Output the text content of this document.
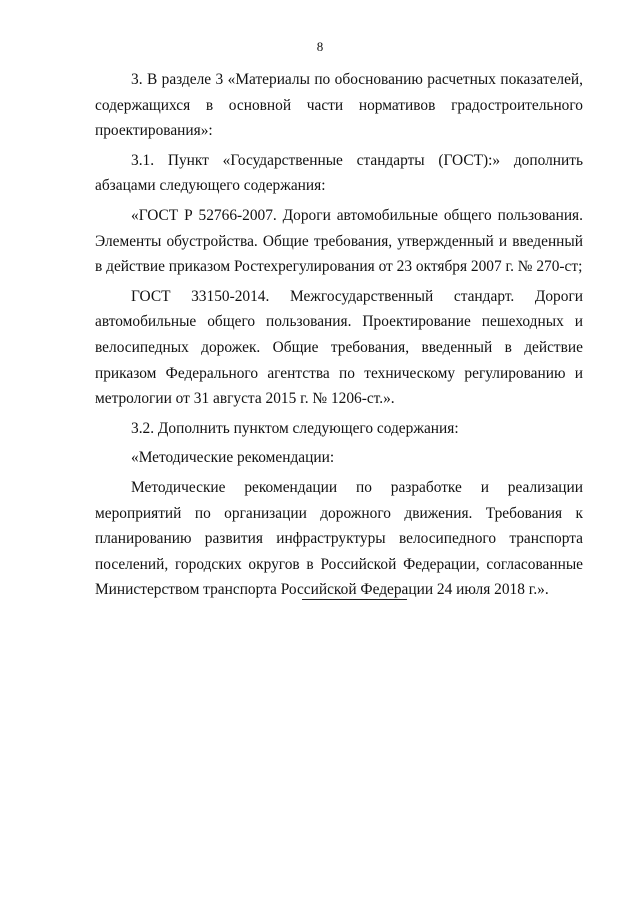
8

3. В разделе 3 «Материалы по обоснованию расчетных показателей, содержащихся в основной части нормативов градостроительного проектирования»:

3.1. Пункт «Государственные стандарты (ГОСТ):» дополнить абзацами следующего содержания:

«ГОСТ Р 52766-2007. Дороги автомобильные общего пользования. Элементы обустройства. Общие требования, утвержденный и введенный в действие приказом Ростехрегулирования от 23 октября 2007 г. № 270-ст;

ГОСТ 33150-2014. Межгосударственный стандарт. Дороги автомобильные общего пользования. Проектирование пешеходных и велосипедных дорожек. Общие требования, введенный в действие приказом Федерального агентства по техническому регулированию и метрологии от 31 августа 2015 г. № 1206-ст.».

3.2. Дополнить пунктом следующего содержания:

«Методические рекомендации:

Методические рекомендации по разработке и реализации мероприятий по организации дорожного движения. Требования к планированию развития инфраструктуры велосипедного транспорта поселений, городских округов в Российской Федерации, согласованные Министерством транспорта Российской Федерации 24 июля 2018 г.».
